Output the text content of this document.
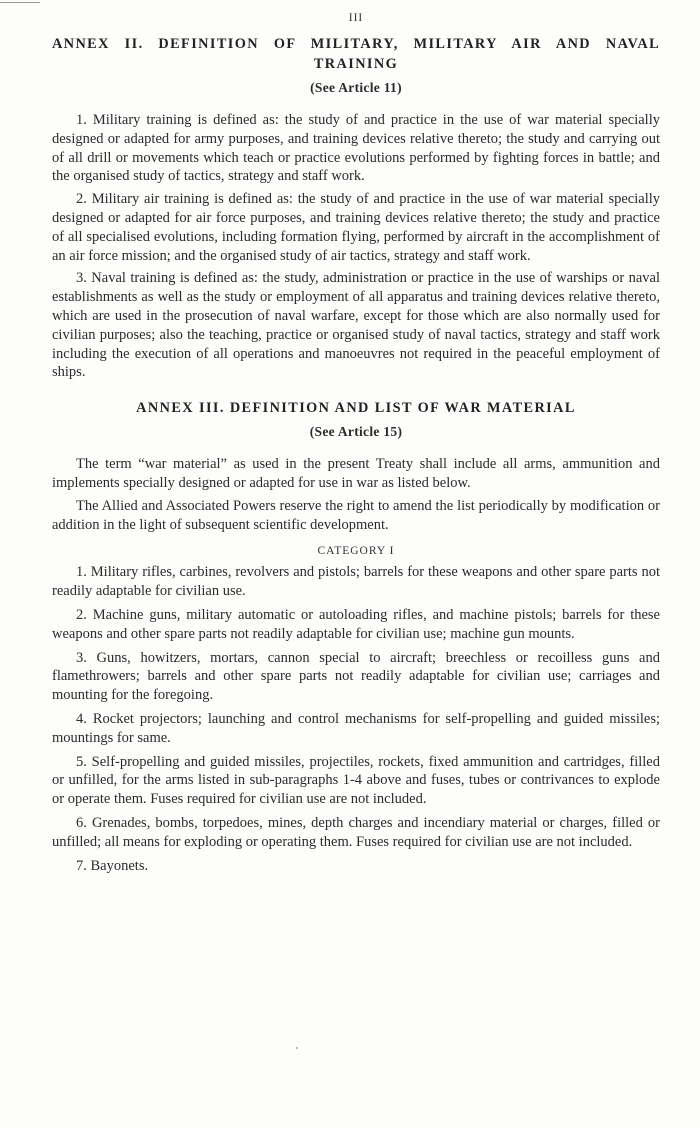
III
ANNEX II. DEFINITION OF MILITARY, MILITARY AIR AND NAVAL TRAINING
(See Article 11)

1. Military training is defined as: the study of and practice in the use of war material specially designed or adapted for army purposes, and training devices relative thereto; the study and carrying out of all drill or movements which teach or practice evolutions performed by fighting forces in battle; and the organised study of tactics, strategy and staff work.

2. Military air training is defined as: the study of and practice in the use of war material specially designed or adapted for air force purposes, and training devices relative thereto; the study and practice of all specialised evolutions, including formation flying, performed by aircraft in the accomplishment of an air force mission; and the organised study of air tactics, strategy and staff work.

3. Naval training is defined as: the study, administration or practice in the use of warships or naval establishments as well as the study or employment of all apparatus and training devices relative thereto, which are used in the prosecution of naval warfare, except for those which are also normally used for civilian purposes; also the teaching, practice or organised study of naval tactics, strategy and staff work including the execution of all operations and manoeuvres not required in the peaceful employment of ships.

ANNEX III. DEFINITION AND LIST OF WAR MATERIAL
(See Article 15)

The term “war material” as used in the present Treaty shall include all arms, ammunition and implements specially designed or adapted for use in war as listed below.

The Allied and Associated Powers reserve the right to amend the list periodically by modification or addition in the light of subsequent scientific development.

CATEGORY I

1. Military rifles, carbines, revolvers and pistols; barrels for these weapons and other spare parts not readily adaptable for civilian use.

2. Machine guns, military automatic or autoloading rifles, and machine pistols; barrels for these weapons and other spare parts not readily adaptable for civilian use; machine gun mounts.

3. Guns, howitzers, mortars, cannon special to aircraft; breechless or recoilless guns and flamethrowers; barrels and other spare parts not readily adaptable for civilian use; carriages and mounting for the foregoing.

4. Rocket projectors; launching and control mechanisms for self-propelling and guided missiles; mountings for same.

5. Self-propelling and guided missiles, projectiles, rockets, fixed ammunition and cartridges, filled or unfilled, for the arms listed in sub-paragraphs 1-4 above and fuses, tubes or contrivances to explode or operate them. Fuses required for civilian use are not included.

6. Grenades, bombs, torpedoes, mines, depth charges and incendiary material or charges, filled or unfilled; all means for exploding or operating them. Fuses required for civilian use are not included.

7. Bayonets.
